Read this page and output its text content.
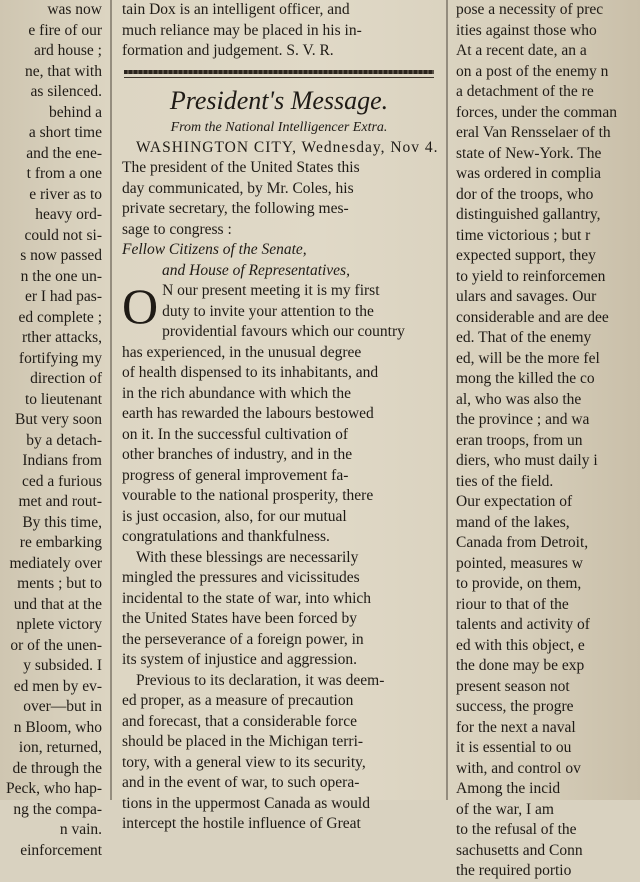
was now
e fire of our
ard house ;
ne, that with
as silenced.
behind a
a short time
and the ene-
t from a one
e river as to
heavy ord-
could not si-
s now passed
n the one un-
er I had pas-
ed complete ;
rther attacks,
fortifying my
direction of
to lieutenant
But very soon
by a detach-
Indians from
ced a furious
met and rout-
By this time,
re embarking
mediately over
ments ; but to
und that at the
nplete victory
or of the unen-
y subsided. I
ed men by ev-
over—but in
n Bloom, who
ion, returned,
de through the
Peck, who hap-
ng the compa-
n vain.
einforcement
tain Dox is an intelligent officer, and
much reliance may be placed in his in-
formation and judgement. S. V. R.
President's Message.
From the National Intelligencer Extra.
WASHINGTON CITY, Wednesday, Nov 4.
The president of the United States this
day communicated, by Mr. Coles, his
private secretary, the following mes-
sage to congress :
Fellow Citizens of the Senate,
and House of Representatives,
O N our present meeting it is my first
duty to invite your attention to the
providential favours which our country
has experienced, in the unusual degree
of health dispensed to its inhabitants, and
in the rich abundance with which the
earth has rewarded the labours bestowed
on it. In the successful cultivation of
other branches of industry, and in the
progress of general improvement fa-
vourable to the national prosperity, there
is just occasion, also, for our mutual
congratulations and thankfulness.
With these blessings are necessarily
mingled the pressures and vicissitudes
incidental to the state of war, into which
the United States have been forced by
the perseverance of a foreign power, in
its system of injustice and aggression.
Previous to its declaration, it was deem-
ed proper, as a measure of precaution
and forecast, that a considerable force
should be placed in the Michigan terri-
tory, with a general view to its security,
and in the event of war, to such opera-
tions in the uppermost Canada as would
intercept the hostile influence of Great
pose a necessity of prec
ities against those who
At a recent date, an a
on a post of the enemy n
a detachment of the re
forces, under the comman
eral Van Rensselaer of th
state of New-York. The
was ordered in complia
dor of the troops, who
distinguished gallantry,
time victorious ; but r
expected support, they
to yield to reinforcemen
ulars and savages. Our
considerable and are dee
ed. That of the enemy
ed, will be the more fel
mong the killed the co
al, who was also the
the province ; and wa
eran troops, from un
diers, who must daily i
ties of the field.
Our expectation of
mand of the lakes,
Canada from Detroit,
pointed, measures w
to provide, on them,
riour to that of the
talents and activity of
ed with this object, e
the done may be exp
present season not
success, the progre
for the next a naval
it is essential to ou
with, and control ov
Among the incid
of the war, I am
to the refusal of the
sachusetts and Conn
the required portio
